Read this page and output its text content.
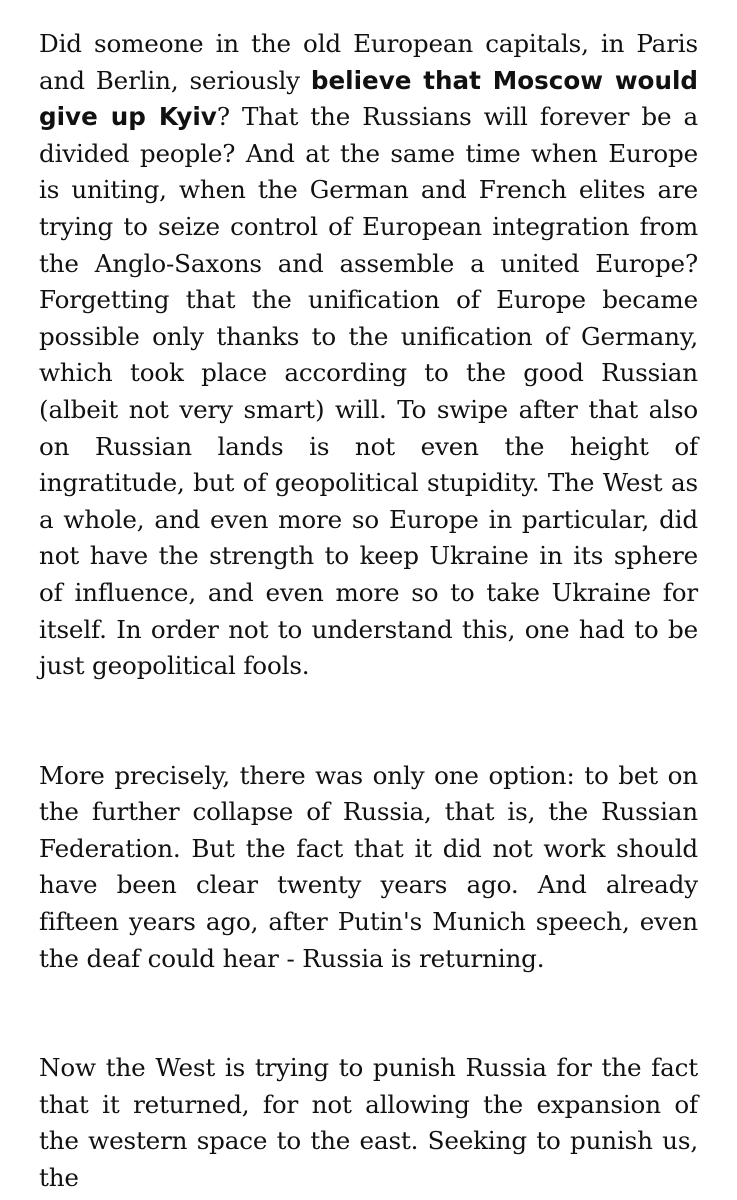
Did someone in the old European capitals, in Paris and Berlin, seriously believe that Moscow would give up Kyiv? That the Russians will forever be a divided people? And at the same time when Europe is uniting, when the German and French elites are trying to seize control of European integration from the Anglo-Saxons and assemble a united Europe? Forgetting that the unification of Europe became possible only thanks to the unification of Germany, which took place according to the good Russian (albeit not very smart) will. To swipe after that also on Russian lands is not even the height of ingratitude, but of geopolitical stupidity. The West as a whole, and even more so Europe in particular, did not have the strength to keep Ukraine in its sphere of influence, and even more so to take Ukraine for itself. In order not to understand this, one had to be just geopolitical fools.

More precisely, there was only one option: to bet on the further collapse of Russia, that is, the Russian Federation. But the fact that it did not work should have been clear twenty years ago. And already fifteen years ago, after Putin's Munich speech, even the deaf could hear - Russia is returning.

Now the West is trying to punish Russia for the fact that it returned, for not allowing the expansion of the western space to the east. Seeking to punish us, the
